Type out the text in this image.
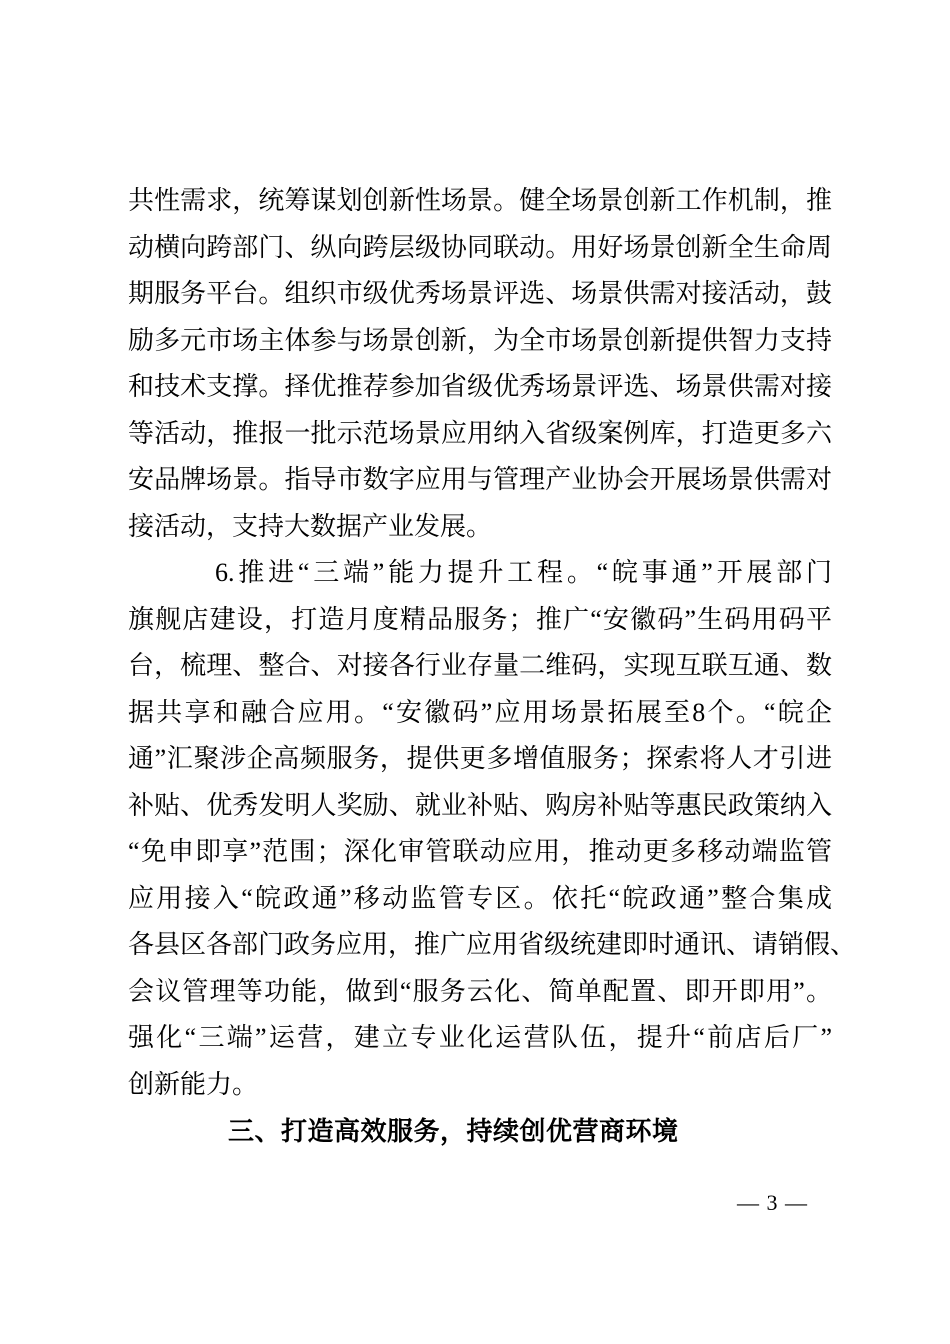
共性需求，统筹谋划创新性场景。健全场景创新工作机制，推
动横向跨部门、纵向跨层级协同联动。用好场景创新全生命周
期服务平台。组织市级优秀场景评选、场景供需对接活动，鼓
励多元市场主体参与场景创新，为全市场景创新提供智力支持
和技术支撑。择优推荐参加省级优秀场景评选、场景供需对接
等活动，推报一批示范场景应用纳入省级案例库，打造更多六
安品牌场景。指导市数字应用与管理产业协会开展场景供需对
接活动，支持大数据产业发展。
6.推进“三端”能力提升工程。“皖事通”开展部门
旗舰店建设，打造月度精品服务；推广“安徽码”生码用码平
台，梳理、整合、对接各行业存量二维码，实现互联互通、数
据共享和融合应用。“安徽码”应用场景拓展至8个。“皖企
通”汇聚涉企高频服务，提供更多增值服务；探索将人才引进
补贴、优秀发明人奖励、就业补贴、购房补贴等惠民政策纳入
“免申即享”范围；深化审管联动应用，推动更多移动端监管
应用接入“皖政通”移动监管专区。依托“皖政通”整合集成
各县区各部门政务应用，推广应用省级统建即时通讯、请销假、
会议管理等功能，做到“服务云化、简单配置、即开即用”。
强化“三端”运营，建立专业化运营队伍，提升“前店后厂”
创新能力。
三、打造高效服务，持续创优营商环境
— 3 —
